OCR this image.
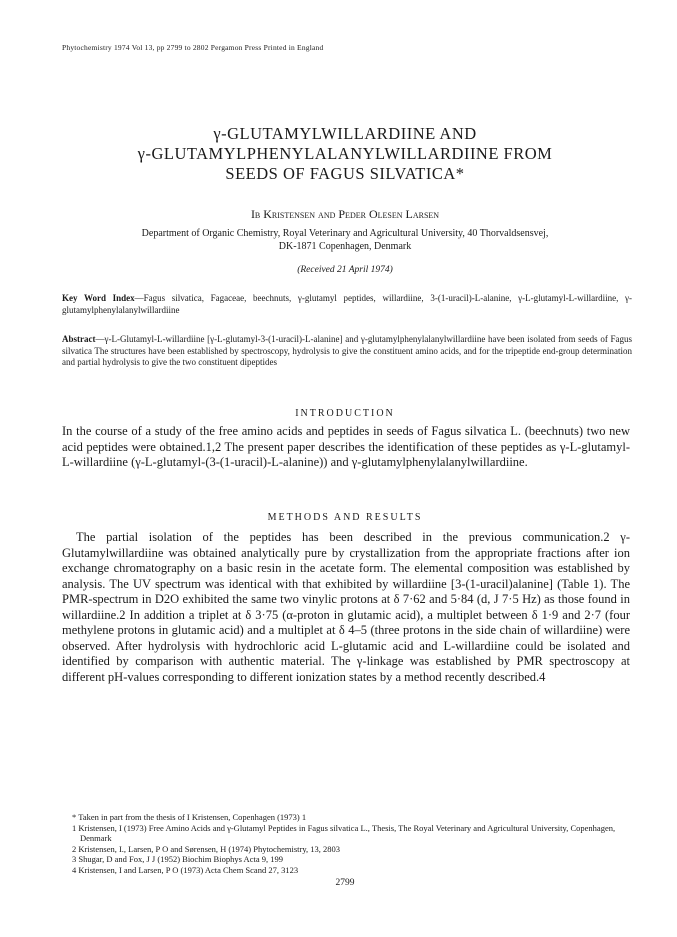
Phytochemistry 1974 Vol 13, pp 2799 to 2802 Pergamon Press Printed in England
γ-GLUTAMYLWILLARDIINE AND
γ-GLUTAMYLPHENYLALANYLWILLARDIINE FROM
SEEDS OF FAGUS SILVATICA*
Ib Kristensen and Peder Olesen Larsen
Department of Organic Chemistry, Royal Veterinary and Agricultural University, 40 Thorvaldsensvej,
DK-1871 Copenhagen, Denmark
(Received 21 April 1974)
Key Word Index—Fagus silvatica, Fagaceae, beechnuts, γ-glutamyl peptides, willardiine, 3-(1-uracil)-L-alanine, γ-L-glutamyl-L-willardiine, γ-glutamylphenylalanylwillardiine
Abstract—γ-L-Glutamyl-L-willardiine [γ-L-glutamyl-3-(1-uracil)-L-alanine] and γ-glutamylphenylalanylwillardiine have been isolated from seeds of Fagus silvatica The structures have been established by spectroscopy, hydrolysis to give the constituent amino acids, and for the tripeptide end-group determination and partial hydrolysis to give the two constituent dipeptides
INTRODUCTION
In the course of a study of the free amino acids and peptides in seeds of Fagus silvatica L. (beechnuts) two new acid peptides were obtained.1,2 The present paper describes the identification of these peptides as γ-L-glutamyl-L-willardiine (γ-L-glutamyl-(3-(1-uracil)-L-alanine)) and γ-glutamylphenylalanylwillardiine.
METHODS AND RESULTS
The partial isolation of the peptides has been described in the previous communication.2 γ-Glutamylwillardiine was obtained analytically pure by crystallization from the appropriate fractions after ion exchange chromatography on a basic resin in the acetate form. The elemental composition was established by analysis. The UV spectrum was identical with that exhibited by willardiine [3-(1-uracil)alanine] (Table 1). The PMR-spectrum in D2O exhibited the same two vinylic protons at δ 7·62 and 5·84 (d, J 7·5 Hz) as those found in willardiine.2 In addition a triplet at δ 3·75 (α-proton in glutamic acid), a multiplet between δ 1·9 and 2·7 (four methylene protons in glutamic acid) and a multiplet at δ 4–5 (three protons in the side chain of willardiine) were observed. After hydrolysis with hydrochloric acid L-glutamic acid and L-willardiine could be isolated and identified by comparison with authentic material. The γ-linkage was established by PMR spectroscopy at different pH-values corresponding to different ionization states by a method recently described.4
* Taken in part from the thesis of I Kristensen, Copenhagen (1973) 1
1 Kristensen, I (1973) Free Amino Acids and γ-Glutamyl Peptides in Fagus silvatica L., Thesis, The Royal Veterinary and Agricultural University, Copenhagen, Denmark
2 Kristensen, I., Larsen, P O and Sørensen, H (1974) Phytochemistry, 13, 2803
3 Shugar, D and Fox, J J (1952) Biochim Biophys Acta 9, 199
4 Kristensen, I and Larsen, P O (1973) Acta Chem Scand 27, 3123
2799
